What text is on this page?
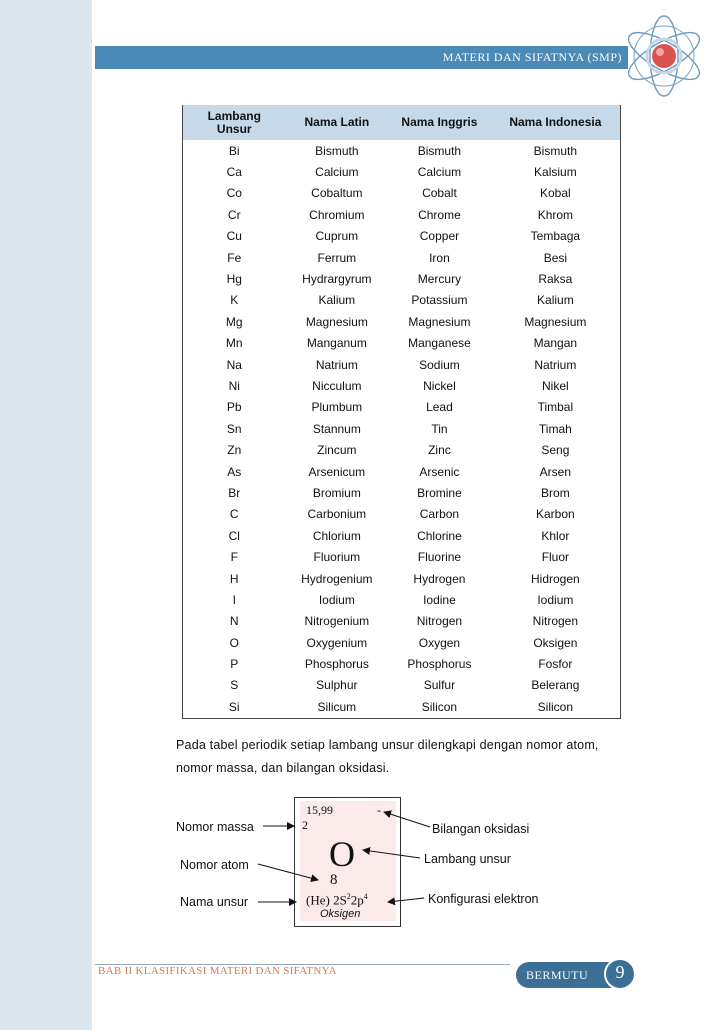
MATERI DAN SIFATNYA (SMP)
Lambang Unsur	Nama Latin	Nama Inggris	Nama Indonesia
Bi	Bismuth	Bismuth	Bismuth
Ca	Calcium	Calcium	Kalsium
Co	Cobaltum	Cobalt	Kobal
Cr	Chromium	Chrome	Khrom
Cu	Cuprum	Copper	Tembaga
Fe	Ferrum	Iron	Besi
Hg	Hydrargyrum	Mercury	Raksa
K	Kalium	Potassium	Kalium
Mg	Magnesium	Magnesium	Magnesium
Mn	Manganum	Manganese	Mangan
Na	Natrium	Sodium	Natrium
Ni	Nicculum	Nickel	Nikel
Pb	Plumbum	Lead	Timbal
Sn	Stannum	Tin	Timah
Zn	Zincum	Zinc	Seng
As	Arsenicum	Arsenic	Arsen
Br	Bromium	Bromine	Brom
C	Carbonium	Carbon	Karbon
Cl	Chlorium	Chlorine	Khlor
F	Fluorium	Fluorine	Fluor
H	Hydrogenium	Hydrogen	Hidrogen
I	Iodium	Iodine	Iodium
N	Nitrogenium	Nitrogen	Nitrogen
O	Oxygenium	Oxygen	Oksigen
P	Phosphorus	Phosphorus	Fosfor
S	Sulphur	Sulfur	Belerang
Si	Silicum	Silicon	Silicon
Pada tabel periodik setiap lambang unsur dilengkapi dengan nomor atom,
nomor massa, dan bilangan oksidasi.
15,99	-
2
O
8
(He) $2S^22p^4$
Oksigen
Nomor massa
Nomor atom
Nama unsur
Bilangan oksidasi
Lambang unsur
Konfigurasi elektron
BAB II KLASIFIKASI MATERI DAN SIFATNYA	BERMUTU	9
